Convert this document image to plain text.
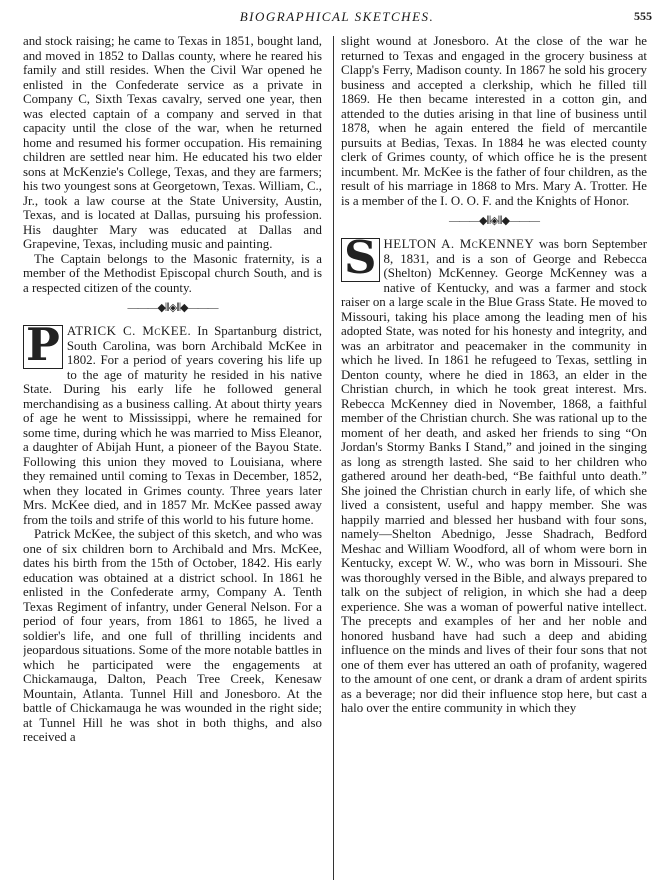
BIOGRAPHICAL SKETCHES.	555

and stock raising; he came to Texas in 1851, bought land, and moved in 1852 to Dallas county, where he reared his family and still resides. When the Civil War opened he enlisted in the Confederate service as a private in Company C, Sixth Texas cavalry, served one year, then was elected captain of a company and served in that capacity until the close of the war, when he returned home and resumed his former occupation. His remaining children are settled near him. He educated his two elder sons at McKenzie's College, Texas, and they are farmers; his two youngest sons at Georgetown, Texas. William, C., Jr., took a law course at the State University, Austin, Texas, and is located at Dallas, pursuing his profession. His daughter Mary was educated at Dallas and Grapevine, Texas, including music and painting.

The Captain belongs to the Masonic fraternity, is a member of the Methodist Episcopal church South, and is a respected citizen of the county.

———◆⦀◈⦀◆———

P ATRICK C. McKEE. In Spartanburg district, South Carolina, was born Archibald McKee in 1802. For a period of years covering his life up to the age of maturity he resided in his native State. During his early life he followed general merchandising as a business calling. At about thirty years of age he went to Mississippi, where he remained for some time, during which he was married to Miss Eleanor, a daughter of Abijah Hunt, a pioneer of the Bayou State. Following this union they moved to Louisiana, where they remained until coming to Texas in December, 1852, when they located in Grimes county. Three years later Mrs. McKee died, and in 1857 Mr. McKee passed away from the toils and strife of this world to his future home.

Patrick McKee, the subject of this sketch, and who was one of six children born to Archibald and Mrs. McKee, dates his birth from the 15th of October, 1842. His early education was obtained at a district school. In 1861 he enlisted in the Confederate army, Company A. Tenth Texas Regiment of infantry, under General Nelson. For a period of four years, from 1861 to 1865, he lived a soldier's life, and one full of thrilling incidents and jeopardous situations. Some of the more notable battles in which he participated were the engagements at Chickamauga, Dalton, Peach Tree Creek, Kenesaw Mountain, Atlanta. Tunnel Hill and Jonesboro. At the battle of Chickamauga he was wounded in the right side; at Tunnel Hill he was shot in both thighs, and also received a

slight wound at Jonesboro. At the close of the war he returned to Texas and engaged in the grocery business at Clapp's Ferry, Madison county. In 1867 he sold his grocery business and accepted a clerkship, which he filled till 1869. He then became interested in a cotton gin, and attended to the duties arising in that line of business until 1878, when he again entered the field of mercantile pursuits at Bedias, Texas. In 1884 he was elected county clerk of Grimes county, of which office he is the present incumbent. Mr. McKee is the father of four children, as the result of his marriage in 1868 to Mrs. Mary A. Trotter. He is a member of the I. O. O. F. and the Knights of Honor.

———◆⦀◈⦀◆———

S HELTON A. McKENNEY was born September 8, 1831, and is a son of George and Rebecca (Shelton) McKenney. George McKenney was a native of Kentucky, and was a farmer and stock raiser on a large scale in the Blue Grass State. He moved to Missouri, taking his place among the leading men of his adopted State, was noted for his honesty and integrity, and was an arbitrator and peacemaker in the community in which he lived. In 1861 he refugeed to Texas, settling in Denton county, where he died in 1863, an elder in the Christian church, in which he took great interest. Mrs. Rebecca McKenney died in November, 1868, a faithful member of the Christian church. She was rational up to the moment of her death, and asked her friends to sing “On Jordan's Stormy Banks I Stand,” and joined in the singing as long as strength lasted. She said to her children who gathered around her death-bed, “Be faithful unto death.” She joined the Christian church in early life, of which she lived a consistent, useful and happy member. She was happily married and blessed her husband with four sons, namely—Shelton Abednigo, Jesse Shadrach, Bedford Meshac and William Woodford, all of whom were born in Kentucky, except W. W., who was born in Missouri. She was thoroughly versed in the Bible, and always prepared to talk on the subject of religion, in which she had a deep experience. She was a woman of powerful native intellect. The precepts and examples of her and her noble and honored husband have had such a deep and abiding influence on the minds and lives of their four sons that not one of them ever has uttered an oath of profanity, wagered to the amount of one cent, or drank a dram of ardent spirits as a beverage; nor did their influence stop here, but cast a halo over the entire community in which they
